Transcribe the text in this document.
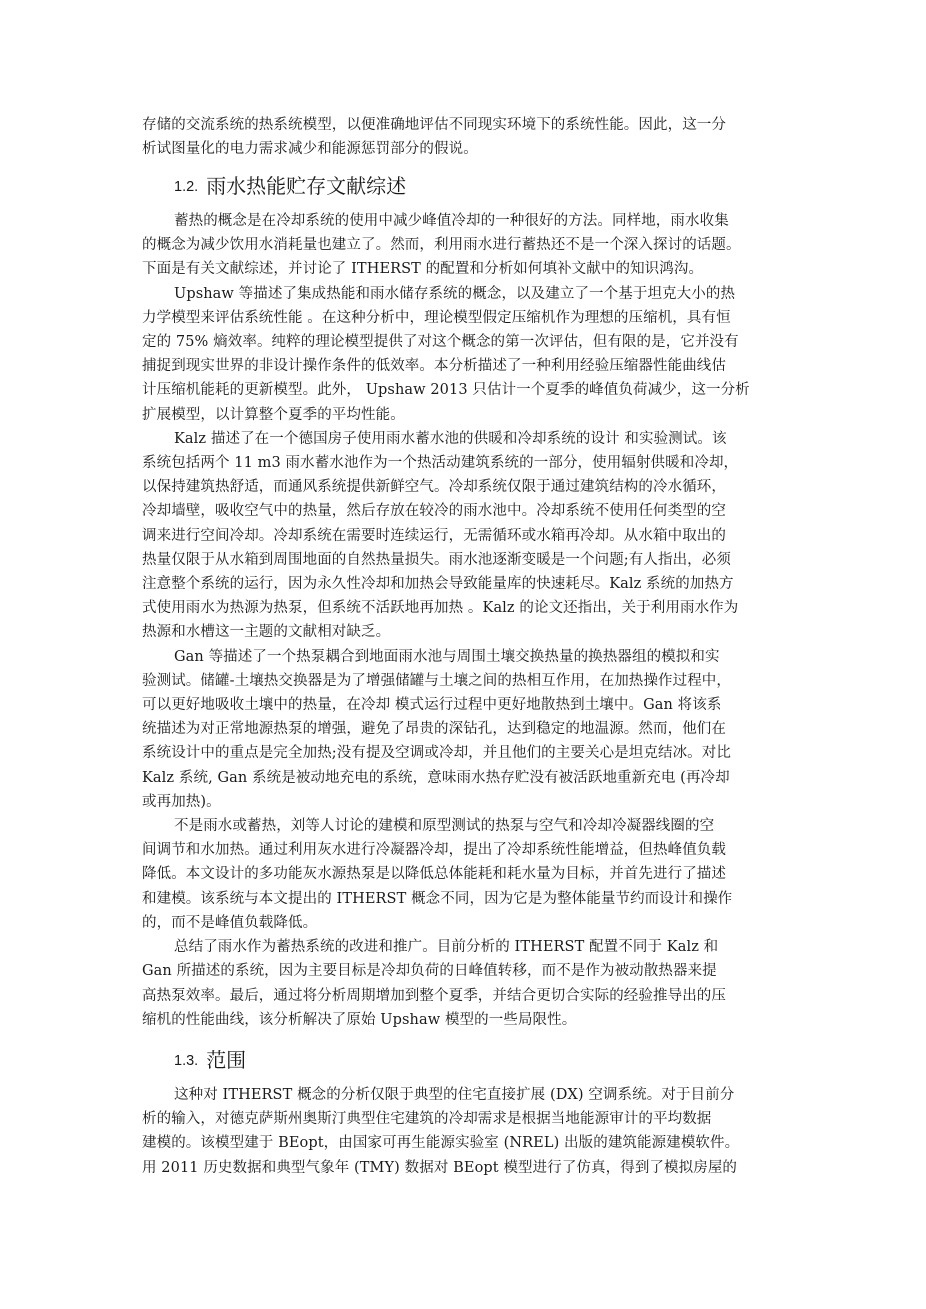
存储的交流系统的热系统模型，以便准确地评估不同现实环境下的系统性能。因此，这一分
析试图量化的电力需求减少和能源惩罚部分的假说。
1.2. 雨水热能贮存文献综述
蓄热的概念是在冷却系统的使用中减少峰值冷却的一种很好的方法。同样地，雨水收集
的概念为减少饮用水消耗量也建立了。然而，利用雨水进行蓄热还不是一个深入探讨的话题。
下面是有关文献综述，并讨论了 ITHERST 的配置和分析如何填补文献中的知识鸿沟。
Upshaw 等描述了集成热能和雨水储存系统的概念，以及建立了一个基于坦克大小的热
力学模型来评估系统性能 。在这种分析中，理论模型假定压缩机作为理想的压缩机，具有恒
定的 75% 熵效率。纯粹的理论模型提供了对这个概念的第一次评估，但有限的是，它并没有
捕捉到现实世界的非设计操作条件的低效率。本分析描述了一种利用经验压缩器性能曲线估
计压缩机能耗的更新模型。此外， Upshaw 2013 只估计一个夏季的峰值负荷减少，这一分析
扩展模型，以计算整个夏季的平均性能。
Kalz 描述了在一个德国房子使用雨水蓄水池的供暖和冷却系统的设计 和实验测试。该
系统包括两个 11 m3 雨水蓄水池作为一个热活动建筑系统的一部分，使用辐射供暖和冷却，
以保持建筑热舒适，而通风系统提供新鲜空气。冷却系统仅限于通过建筑结构的冷水循环，
冷却墙壁，吸收空气中的热量，然后存放在较冷的雨水池中。冷却系统不使用任何类型的空
调来进行空间冷却。冷却系统在需要时连续运行，无需循环或水箱再冷却。从水箱中取出的
热量仅限于从水箱到周围地面的自然热量损失。雨水池逐渐变暖是一个问题;有人指出，必须
注意整个系统的运行，因为永久性冷却和加热会导致能量库的快速耗尽。Kalz 系统的加热方
式使用雨水为热源为热泵，但系统不活跃地再加热 。Kalz 的论文还指出，关于利用雨水作为
热源和水槽这一主题的文献相对缺乏。
Gan 等描述了一个热泵耦合到地面雨水池与周围土壤交换热量的换热器组的模拟和实
验测试。储罐-土壤热交换器是为了增强储罐与土壤之间的热相互作用，在加热操作过程中，
可以更好地吸收土壤中的热量，在冷却 模式运行过程中更好地散热到土壤中。Gan 将该系
统描述为对正常地源热泵的增强，避免了昂贵的深钻孔，达到稳定的地温源。然而，他们在
系统设计中的重点是完全加热;没有提及空调或冷却，并且他们的主要关心是坦克结冰。对比
Kalz 系统, Gan 系统是被动地充电的系统，意味雨水热存贮没有被活跃地重新充电 (再冷却
或再加热)。
不是雨水或蓄热，刘等人讨论的建模和原型测试的热泵与空气和冷却冷凝器线圈的空
间调节和水加热。通过利用灰水进行冷凝器冷却，提出了冷却系统性能增益，但热峰值负载
降低。本文设计的多功能灰水源热泵是以降低总体能耗和耗水量为目标，并首先进行了描述
和建模。该系统与本文提出的 ITHERST 概念不同，因为它是为整体能量节约而设计和操作
的，而不是峰值负载降低。
总结了雨水作为蓄热系统的改进和推广。目前分析的 ITHERST 配置不同于 Kalz 和
Gan 所描述的系统，因为主要目标是冷却负荷的日峰值转移，而不是作为被动散热器来提
高热泵效率。最后，通过将分析周期增加到整个夏季，并结合更切合实际的经验推导出的压
缩机的性能曲线，该分析解决了原始 Upshaw 模型的一些局限性。
1.3. 范围
这种对 ITHERST 概念的分析仅限于典型的住宅直接扩展 (DX) 空调系统。对于目前分
析的输入，对德克萨斯州奥斯汀典型住宅建筑的冷却需求是根据当地能源审计的平均数据
建模的。该模型建于 BEopt，由国家可再生能源实验室 (NREL) 出版的建筑能源建模软件。
用 2011 历史数据和典型气象年 (TMY) 数据对 BEopt 模型进行了仿真，得到了模拟房屋的
